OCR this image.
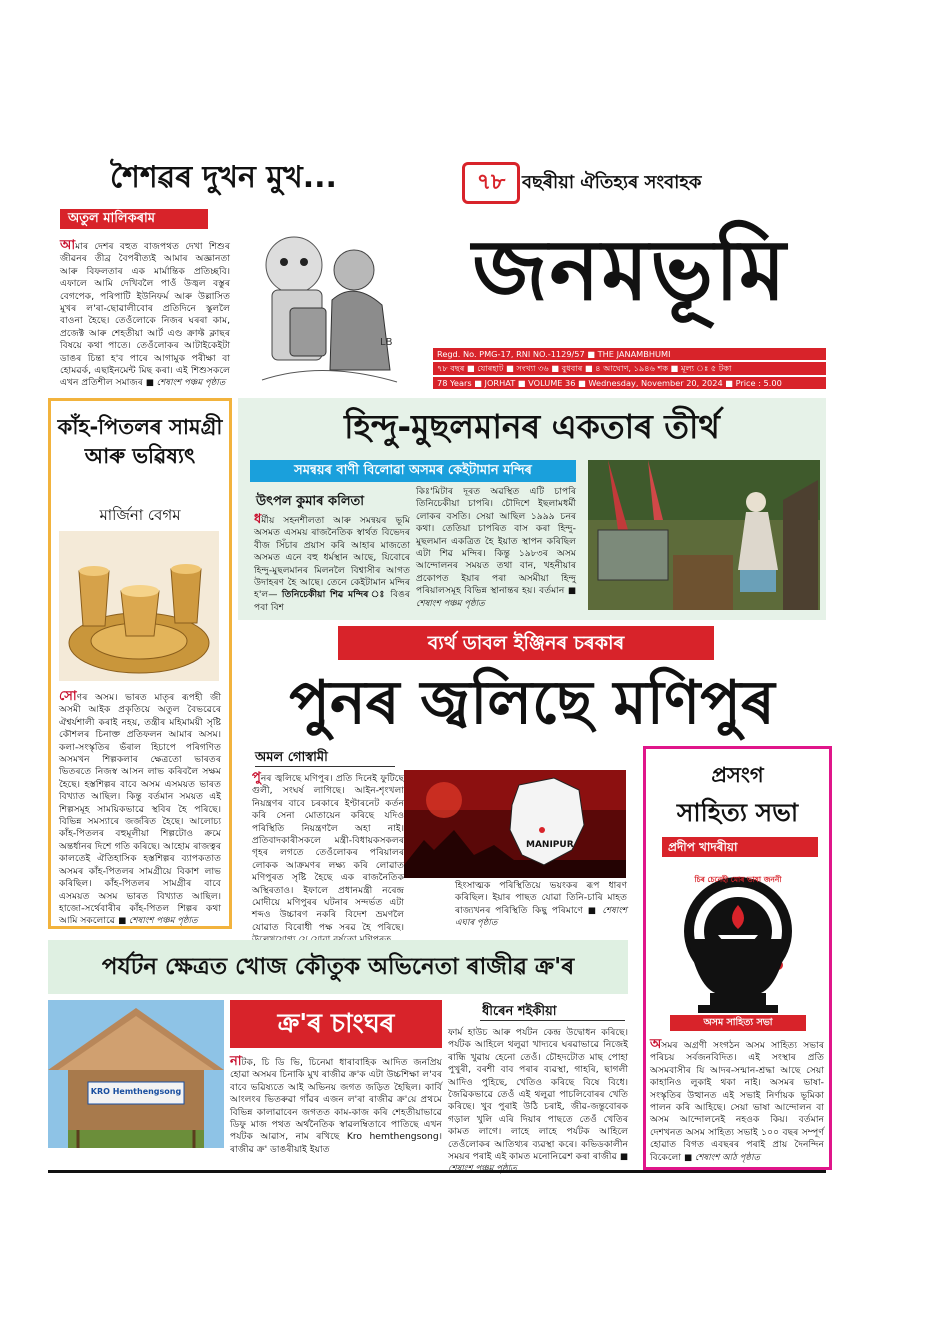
শৈশৱৰ দুখন মুখ...
অতুল মালিকৰাম
আমাৰ দেশৰ বহুত বাজপথত দেখা শিশুৰ জীৱনৰ তীব্ৰ বৈপৰীত্যই আমাৰ অজ্ঞানতা আৰু বিফলতাৰ এক মাৰ্মান্তিক প্ৰতিচ্ছবি। এফালে আমি দেখিবলৈ পাওঁ উজ্বল বস্তুৰ বেগপেক, পৰিপাটি ইউনিফৰ্ম আৰু উল্লাসিত মুখৰ ল'ৰা-ছোৱালীবোৰ প্ৰতিদিনে স্কুললৈ বাওনা হৈছে। তেওঁলোকে নিজৰ ঘৰৰা কাম, প্ৰজেক্ট আৰু শেহতীয়া আৰ্ট এণ্ড ক্ৰাফ্ট ক্লাছৰ বিষয়ে কথা পাতে। তেওঁলোকৰ আটাইকেইটা ডাঙৰ চিন্তা হ'ব পাৰে আগামুক পৰীক্ষা বা হোমৱৰ্ক, এছাইনমেন্ট মিছ কৰা। এই শিশুসকলে এখন প্ৰতিশীল সমাজৰ ■ শেষাংশ পঞ্চম পৃষ্ঠাত
LB
৭৮ বছৰীয়া ঐতিহ্যৰ সংবাহক
জনমভূমি
Regd. No. PMG-17, RNI NO.-1129/57 ■ THE JANAMBHUMI
৭৮ বছৰ ■ যোৰহাট ■ সংখ্যা ৩৬ ■ বুধবাৰ ■ ৪ আঘোণ, ১৯৪৬ শক ■ মূল্য ঃ ৫ টকা
78 Years ■ JORHAT ■ VOLUME 36 ■ Wednesday, November 20, 2024 ■ Price : 5.00
কাঁহ-পিতলৰ সামগ্ৰী আৰু ভৱিষ্যৎ
মাৰ্জিনা বেগম
সোণৰ অসম। ভাৰত মাতৃৰ ৰূপহী জী অসমী আইক প্ৰকৃতিয়ে অতুল বৈভৱেৰে ঐশ্বৰ্যশালী কৰাই নহয়, তন্ত্ৰীৰ মহিমাময়ী সৃষ্টি কৌশলৰ চিনাক্ত প্ৰতিফলন আমাৰ অসম। কলা-সংস্কৃতিৰ ভঁৰাল হিচাপে পৰিগণিত অসমখন শিল্পকলাৰ ক্ষেত্ৰতো ভাৰতৰ ভিতৰতে নিজস্ব আসন লাভ কৰিবলৈ সক্ষম হৈছে। হস্তশিল্পৰ বাবে অসম এসময়ত ভাৰত বিখ্যাত আছিল। কিন্তু বৰ্তমান সময়ত এই শিল্পসমূহ সাময়িকভাৱে স্থবিৰ হৈ পৰিছে। বিভিন্ন সমস্যাৰে জৰ্জৰিত হৈছে। আলোচ্য কাঁহ-পিতলৰ বহুমূলীয়া শিল্পটোও ক্ৰমে অন্তৰ্ধানৰ দিশে গতি কৰিছে। আহোম ৰাজত্বৰ কালতেই ঐতিহাসিক হস্তশিল্পৰ ব্যাপকতাত অসমৰ কাঁহ-পিতলৰ সামগ্ৰীয়ে বিকাশ লাভ কৰিছিল। কাঁহ-পিতলৰ সামগ্ৰীৰ বাবে এসময়ত অসম ভাৰত বিখ্যাত আছিল। হাজো-সৰ্থেবাৰীৰ কাঁহ-পিতল শিল্পৰ কথা আমি সকলোৱে ■ শেষাংশ পঞ্চম পৃষ্ঠাত
হিন্দু-মুছলমানৰ একতাৰ তীৰ্থ
সমন্বয়ৰ বাণী বিলোৱা অসমৰ কেইটামান মন্দিৰ
উৎপল কুমাৰ কলিতা
ধৰ্মীয় সহনশীলতা আৰু সমন্বয়ৰ ভূমি অসমত এসময় ৰাজনৈতিক স্বাৰ্থত বিভেদৰ বীজ সিঁচাৰ প্ৰয়াস কৰি আহাৰ মাজতো অসমত এনে বহু ধৰ্মস্থান আছে, যিবোৰে হিন্দু-মুছলমানৰ মিলনলৈ বিশ্বাসীৰ আগত উদাহৰণ হৈ আছে। তেনে কেইটামান মন্দিৰ হ'ল— তিনিচেকীয়া শিৱ মন্দিৰ ঃ বিঙৰ পবা বিশ
কিঃ'মিটাৰ দূৰত অৱস্থিত এটি চাপৰি তিনিচেকীয়া চাপৰি। চৌদিশে ইছলামধৰ্মী লোকৰ বসতি। সেয়া আছিল ১৯৯৯ চনৰ কথা। তেতিয়া চাপৰিত বাস কৰা হিন্দু-মুছলমান একত্ৰিত হৈ ইয়াত স্থাপন কৰিছিল এটা শিৱ মন্দিৰ। কিন্তু ১৯৮৩ৰ অসম আন্দোলনৰ সময়ত তথা বান, খহনীয়াৰ প্ৰকোপত ইয়াৰ পৰা অসমীয়া হিন্দু পৰিয়ালসমূহ বিভিন্ন স্থানান্তৰ হয়। বৰ্তমান ■ শেষাংশ পঞ্চম পৃষ্ঠাত
ব্যৰ্থ ডাবল ইঞ্জিনৰ চৰকাৰ
পুনৰ জ্বলিছে মণিপুৰ
অমল গোস্বামী
পুনৰ জ্বলিছে মণিপুৰ। প্ৰতি দিনেই ফুটিছে গুলী, সংঘৰ্ষ লাগিছে। আইন-শৃংখলা নিয়ন্ত্ৰণৰ বাবে চৰকাৰে ইণ্টাৰনেট কৰ্তন কৰি সেনা মোতায়েন কৰিছে যদিও পৰিস্থিতি নিয়ন্ত্ৰণলৈ অহা নাই। প্ৰতিবাদকাৰীসকলে মন্ত্ৰী-বিধায়কসকলৰ গৃহৰ লগতে তেওঁলোকৰ পৰিয়ালৰ লোকক আক্ৰমণৰ লক্ষ্য কৰি লোৱাত মণিপুৰত সৃষ্টি হৈছে এক ৰাজনৈতিক অস্থিৰতাও। ইফালে প্ৰধানমন্ত্ৰী নৰেন্দ্ৰ মোদীয়ে মণিপুৰৰ ঘটনাৰ সন্দৰ্ভত এটা শব্দও উচ্চাৰণ নকৰি বিদেশ ভ্ৰমণলৈ যোৱাত বিৰোধী পক্ষ সৰৱ হৈ পৰিছে।
MANIPUR
হিংসাত্মক পৰিস্থিতিয়ে ভয়ংকৰ ৰূপ ধাৰণ কৰিছিল। ইয়াৰ পাছত যোৱা তিনি-চাৰি মাহত ৰাজ্যখনৰ পৰিস্থিতি কিছু পৰিমাণে ■ শেষাংশ এঘাৰ পৃষ্ঠাত
প্ৰসংগ
সাহিত্য সভা
প্ৰদীপ খাদৰীয়া
চিৰ চেনেহী মোৰ ভাষা জননী
অসম সাহিত্য সভা
অসমৰ অগ্ৰণী সংগঠন অসম সাহিত্য সভাৰ পৰিচয় সৰ্বজনবিদিত। এই সংস্থাৰ প্ৰতি অসমবাসীৰ যি আদৰ-সন্মান-শ্ৰদ্ধা আছে সেয়া কাহানিও লুকাই থকা নাই। অসমৰ ভাষা-সংস্কৃতিৰ উত্থানত এই সভাই নিৰ্ণায়ক ভূমিকা পালন কৰি আহিছে। সেয়া ভাষা আন্দোলন বা অসম আন্দোলনেই নহওক কিয়। বৰ্তমান দেশখনত অসম সাহিত্য সভাই ১০০ বছৰ সম্পূৰ্ণ হোৱাত বিগত এবছৰৰ পৰাই প্ৰায় দৈনন্দিন বিকেলো ■ শেষাংশ আঠ পৃষ্ঠাত
পৰ্যটন ক্ষেত্ৰত খোজ কৌতুক অভিনেতা ৰাজীৱ ক্ৰ'ৰ
KRO Hemthengsong
ক্ৰ'ৰ চাংঘৰ	ধীৰেন শইকীয়া
নাটক, চি ডি ভি, চিনেমা ধাৰাবাহিক আদিত জনপ্ৰিয় হোৱা অসমৰ চিনাকি মুখ ৰাজীৱ ক্ৰ'ক এটা উচ্চশিক্ষা ল'বৰ বাবে ভৱিষ্যতে আই অভিনয় জগত জড়িত হৈছিল। কাৰ্বি আংলংৰ ভিতৰুৱা গাঁৱৰ এজন ল'ৰা ৰাজীৱ ক্ৰ'য়ে প্ৰথমে বিভিন্ন কালাৱাবেন জগতত কাম-কাজ কৰি শেহতীয়াভাৱে ডিফু মাজ পথত অৰ্থনৈতিক স্বাৱলম্বিতাবে পাতিছে এখন পৰ্যটক আৱাস, নাম ৰখিছে Kro hemthengsong। ৰাজীৱ ক্ৰ' ডাঙৰীয়াই ইয়াত
ফাৰ্ম হাউচ আৰু পৰ্যটন কেন্দ্ৰ উদ্বোধন কৰিছে। পৰ্যটক আহিলে থলুৱা খাদ্যৰে ঘৰৱাভাৱে নিজেই ৰান্ধি খুৱায় হেনো তেওঁ। চৌহদটোত মাছ পোহা পুখুৰী, বৰশী বাব পৰাৰ ব্যৱস্থা, গাহৰি, ছাগলী আদিও পুহিছে, খেতিও কৰিছে বিষে বিধে। জৈৱিকভাৱে তেওঁ এই থলুৱা পাচলিবোৰৰ খেতি কৰিছে। খুব পুৰাই উঠি চৰাই, জীৱ-জন্তুবোৰক গড়াল খুলি এৰি দিয়াৰ পাছতে তেওঁ খেতিৰ কামত লাগে। লাহে লাহে পৰ্যটক আহিলে তেওঁলোকৰ আতিথ্যৰ ব্যৱস্থা কৰে। কভিডকালীন সময়ৰ পৰাই এই কামত মনোনিৱেশ কৰা ৰাজীৱ ■
